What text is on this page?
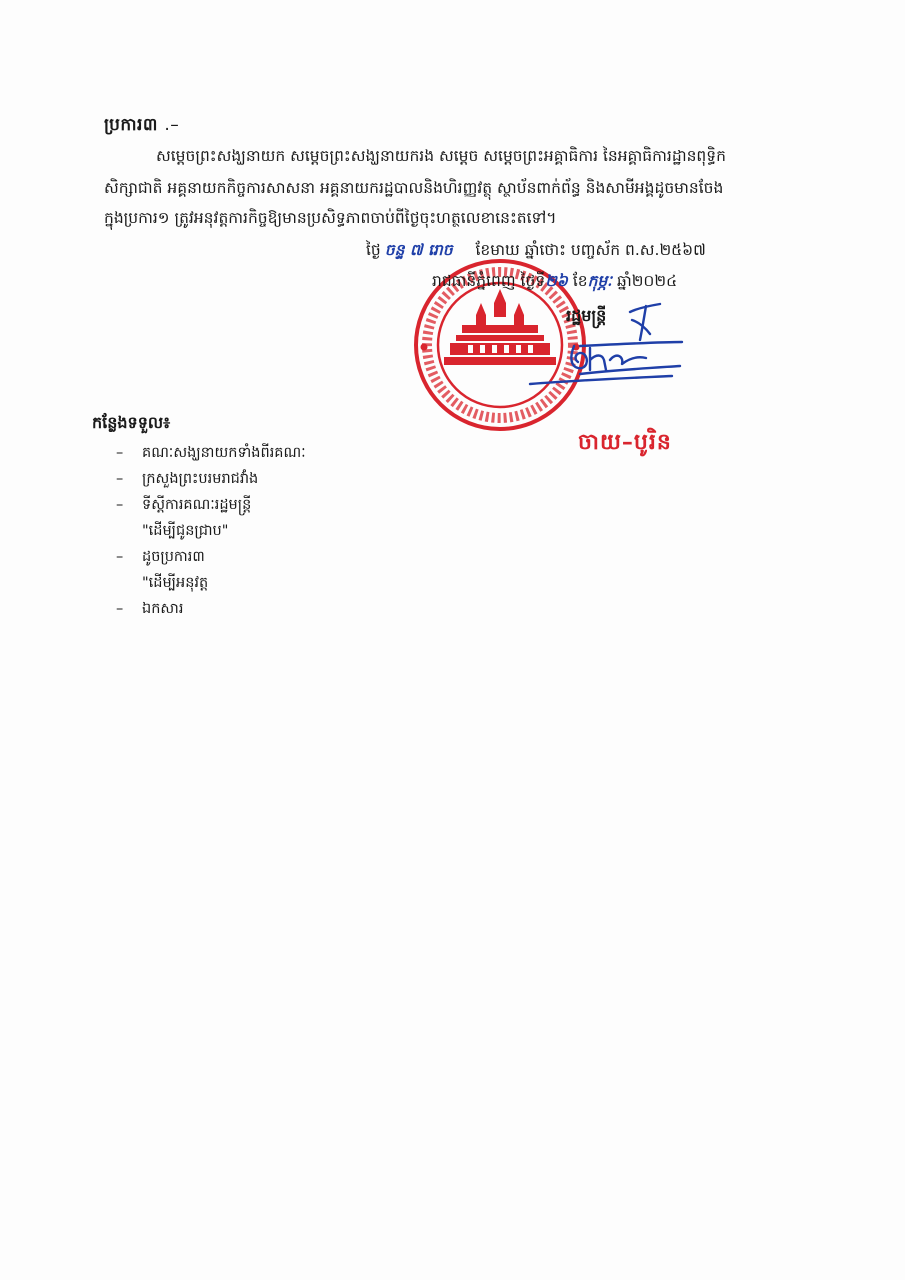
ប្រការ៣ .–
សម្តេចព្រះសង្ឃនាយក សម្តេចព្រះសង្ឃនាយករង សម្តេច សម្តេចព្រះអគ្គាធិការ នៃអគ្គាធិការដ្ឋានពុទ្ធិក
សិក្សាជាតិ អគ្គនាយកកិច្ចការសាសនា អគ្គនាយករដ្ឋបាលនិងហិរញ្ញវត្ថុ ស្ថាប័នពាក់ព័ន្ធ និងសាមីអង្គដូចមានចែង
ក្នុងប្រការ១ ត្រូវអនុវត្តការកិច្ចឱ្យមានប្រសិទ្ធភាពចាប់ពីថ្ងៃចុះហត្ថលេខានេះតទៅ។
ថ្ងៃ ចន្ទ ៧ រោច ខែមាឃ ឆ្នាំថោះ បញ្ចស័ក ព.ស.២៥៦៧
រាជធានីភ្នំពេញ ថ្ងៃទី២៦ ខែកុម្ភៈ ឆ្នាំ២០២៤
រដ្ឋមន្ត្រី
ចាយ–បូរិន
កន្លែងទទួល៖
– គណៈសង្ឃនាយកទាំងពីរគណៈ
– ក្រសួងព្រះបរមរាជវាំង
– ទីស្តីការគណៈរដ្ឋមន្ត្រី
"ដើម្បីជូនជ្រាប"
– ដូចប្រការ៣
"ដើម្បីអនុវត្ត
– ឯកសារ
